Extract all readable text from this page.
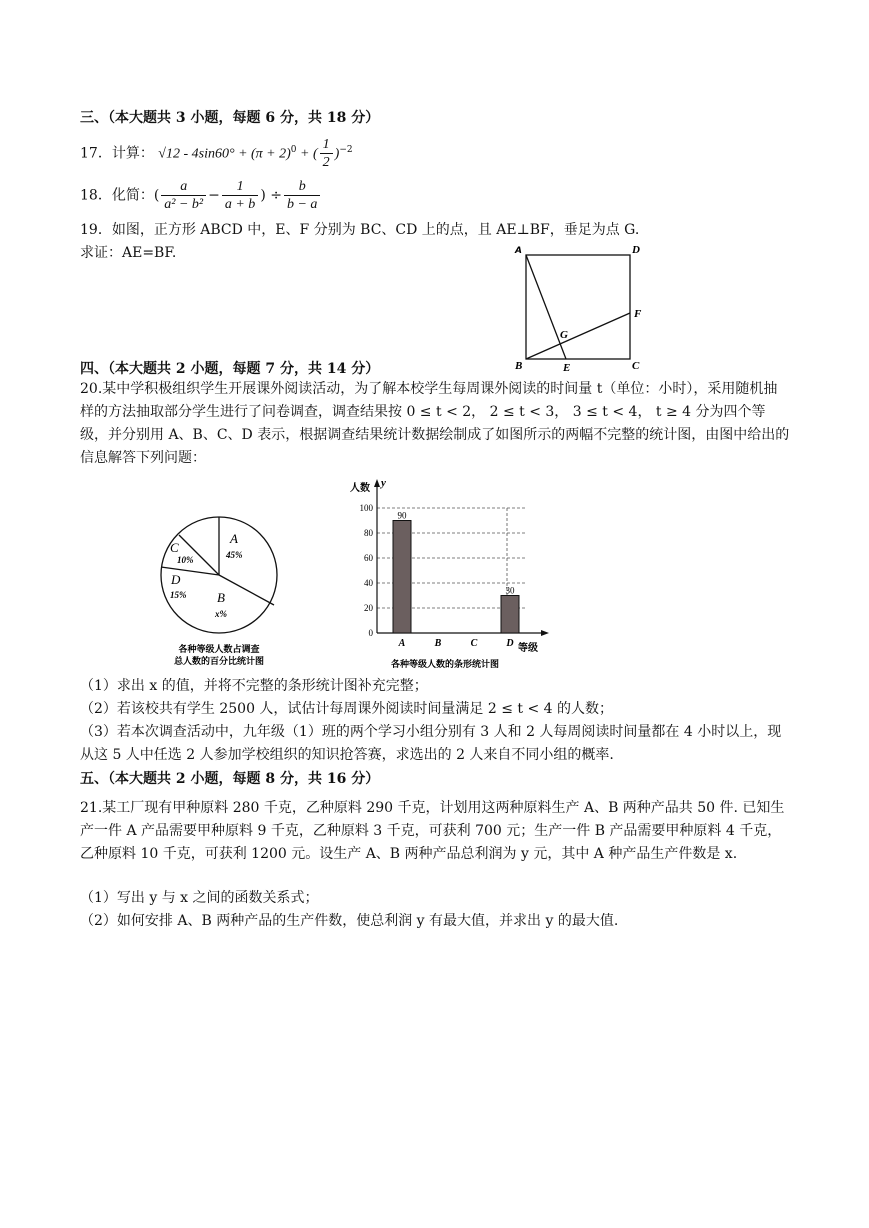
三、（本大题共 3 小题，每题 6 分，共 18 分）
17．计算： $√12 - 4\sin 60^\circ + (\pi + 2)^0$ + ( $\frac{1}{2} )^{-2}$
18．化简：( $\frac{a}{\text{a² − b²}} - \frac{1}{a + b}$ ) ÷ $\frac{b}{b - a}$
19．如图，正方形 ABCD 中，E、F 分别为 BC、CD 上的点，且 AE⊥BF，垂足为点 G.
求证：AE=BF.	A	D
B	C
E
F
G
四、（本大题共 2 小题，每题 7 分，共 14 分）
20.某中学积极组织学生开展课外阅读活动，为了解本校学生每周课外阅读的时间量 t（单位：小时），采用随机抽样的方法抽取部分学生进行了问卷调查，调查结果按 0 ≤ t < 2， 2 ≤ t < 3， 3 ≤ t < 4， t ≥ 4 分为四个等级，并分别用 A、B、C、D 表示，根据调查结果统计数据绘制成了如图所示的两幅不完整的统计图，由图中给出的信息解答下列问题：
A
45%
B
x%
D
15%
C
10%
各种等级人数占调查
总人数的百分比统计图
人数 y
等级
各种等级人数的条形统计图
0
20
40
60
80
100
90
A	B	C
30
D
（1）求出 x 的值，并将不完整的条形统计图补充完整；
（2）若该校共有学生 2500 人，试估计每周课外阅读时间量满足 2 ≤ t < 4 的人数；
（3）若本次调查活动中，九年级（1）班的两个学习小组分别有 3 人和 2 人每周阅读时间量都在 4 小时以上，现从这 5 人中任选 2 人参加学校组织的知识抢答赛，求选出的 2 人来自不同小组的概率.
五、（本大题共 2 小题，每题 8 分，共 16 分）
21.某工厂现有甲种原料 280 千克，乙种原料 290 千克，计划用这两种原料生产 A、B 两种产品共 50 件. 已知生产一件 A 产品需要甲种原料 9 千克，乙种原料 3 千克，可获利 700 元；生产一件 B 产品需要甲种原料 4 千克，乙种原料 10 千克，可获利 1200 元。设生产 A、B 两种产品总利润为 y 元，其中 A 种产品生产件数是 x.
（1）写出 y 与 x 之间的函数关系式；
（2）如何安排 A、B 两种产品的生产件数，使总利润 y 有最大值，并求出 y 的最大值.
